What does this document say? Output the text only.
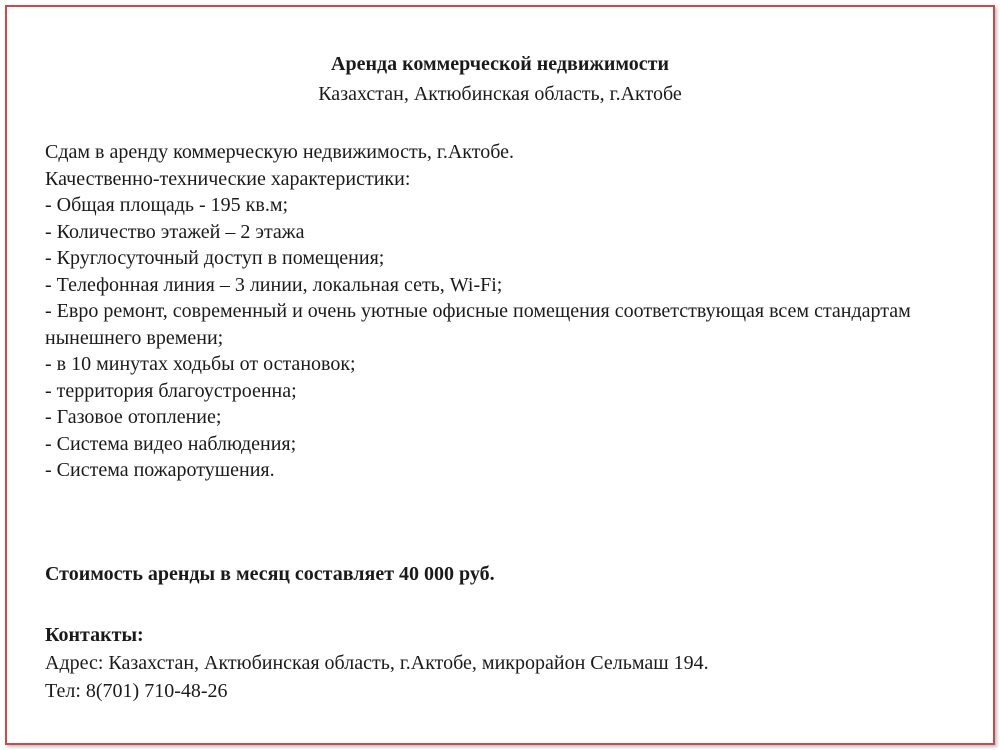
Аренда коммерческой недвижимости
Казахстан, Актюбинская область, г.Актобе
Сдам в аренду коммерческую недвижимость, г.Актобе.
Качественно-технические характеристики:
- Общая площадь - 195 кв.м;
- Количество этажей – 2 этажа
- Круглосуточный доступ в помещения;
- Телефонная линия – 3 линии, локальная сеть, Wi-Fi;
- Евро ремонт, современный и очень уютные офисные помещения соответствующая всем стандартам нынешнего времени;
- в 10 минутах ходьбы от остановок;
- территория благоустроенна;
- Газовое отопление;
- Система видео наблюдения;
- Система пожаротушения.
Стоимость аренды в месяц составляет 40 000 руб.
Контакты:
Адрес: Казахстан, Актюбинская область, г.Актобе, микрорайон Сельмаш 194.
Тел: 8(701) 710-48-26
